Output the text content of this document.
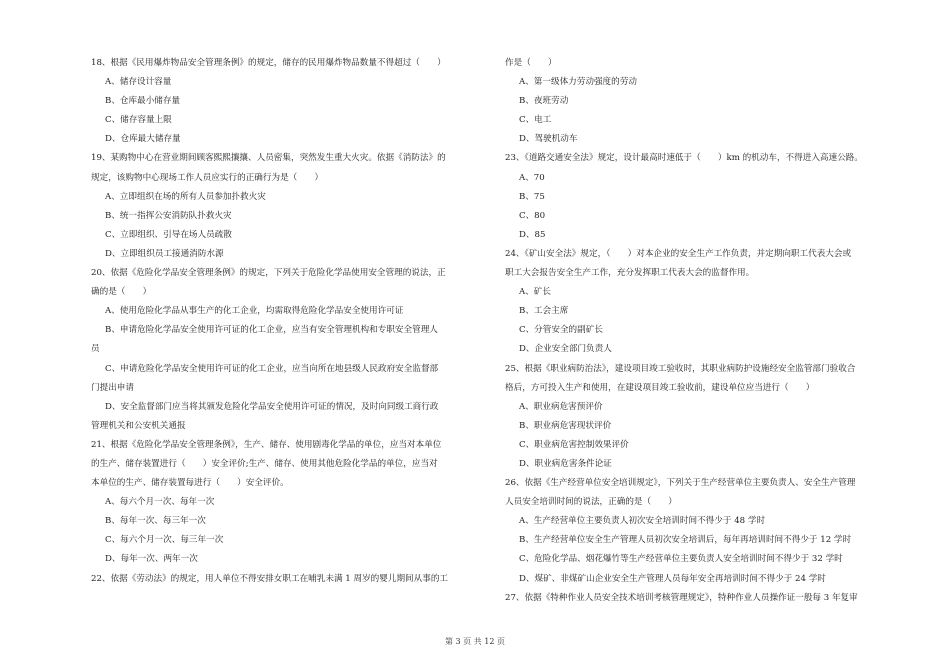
18、根据《民用爆炸物品安全管理条例》的规定，储存的民用爆炸物品数量不得超过（　　）
A、储存设计容量
B、仓库最小储存量
C、储存容量上限
D、仓库最大储存量
19、某购物中心在营业期间顾客熙熙攘攘、人员密集，突然发生重大火灾。依据《消防法》的
规定，该购物中心现场工作人员应实行的正确行为是（　　）
A、立即组织在场的所有人员参加扑救火灾
B、统一指挥公安消防队扑救火灾
C、立即组织、引导在场人员疏散
D、立即组织员工接通消防水源
20、依据《危险化学品安全管理条例》的规定，下列关于危险化学品使用安全管理的说法，正
确的是（　　）
A、使用危险化学品从事生产的化工企业，均需取得危险化学品安全使用许可证
B、申请危险化学品安全使用许可证的化工企业，应当有安全管理机构和专职安全管理人
员
C、申请危险化学品安全使用许可证的化工企业，应当向所在地县级人民政府安全监督部
门提出申请
D、安全监督部门应当将其颁发危险化学品安全使用许可证的情况，及时向同级工商行政
管理机关和公安机关通报
21、根据《危险化学品安全管理条例》，生产、储存、使用剧毒化学品的单位，应当对本单位
的生产、储存装置进行（　　）安全评价;生产、储存、使用其他危险化学品的单位，应当对
本单位的生产、储存装置每进行（　　）安全评价。
A、每六个月一次、每年一次
B、每年一次、每三年一次
C、每六个月一次、每三年一次
D、每年一次、两年一次
22、依据《劳动法》的规定，用人单位不得安排女职工在哺乳未满 1 周岁的婴儿期间从事的工
作是（　　）
A、第一级体力劳动强度的劳动
B、夜班劳动
C、电工
D、驾驶机动车
23、《道路交通安全法》规定，设计最高时速低于（　　）km 的机动车，不得进入高速公路。
A、70
B、75
C、80
D、85
24、《矿山安全法》规定，（　　）对本企业的安全生产工作负责，并定期向职工代表大会或
职工大会报告安全生产工作，充分发挥职工代表大会的监督作用。
A、矿长
B、工会主席
C、分管安全的副矿长
D、企业安全部门负责人
25、根据《职业病防治法》，建设项目竣工验收时，其职业病防护设施经安全监管部门验收合
格后，方可投入生产和使用，在建设项目竣工验收前，建设单位应当进行（　　）
A、职业病危害预评价
B、职业病危害现状评价
C、职业病危害控制效果评价
D、职业病危害条件论证
26、依据《生产经营单位安全培训规定》，下列关于生产经营单位主要负责人、安全生产管理
人员安全培训时间的说法，正确的是（　　）
A、生产经营单位主要负责人初次安全培训时间不得少于 48 学时
B、生产经营单位安全生产管理人员初次安全培训后，每年再培训时间不得少于 12 学时
C、危险化学品、烟花爆竹等生产经营单位主要负责人安全培训时间不得少于 32 学时
D、煤矿、非煤矿山企业安全生产管理人员每年安全再培训时间不得少于 24 学时
27、依据《特种作业人员安全技术培训考核管理规定》，特种作业人员操作证一般每 3 年复审
第 3 页 共 12 页
